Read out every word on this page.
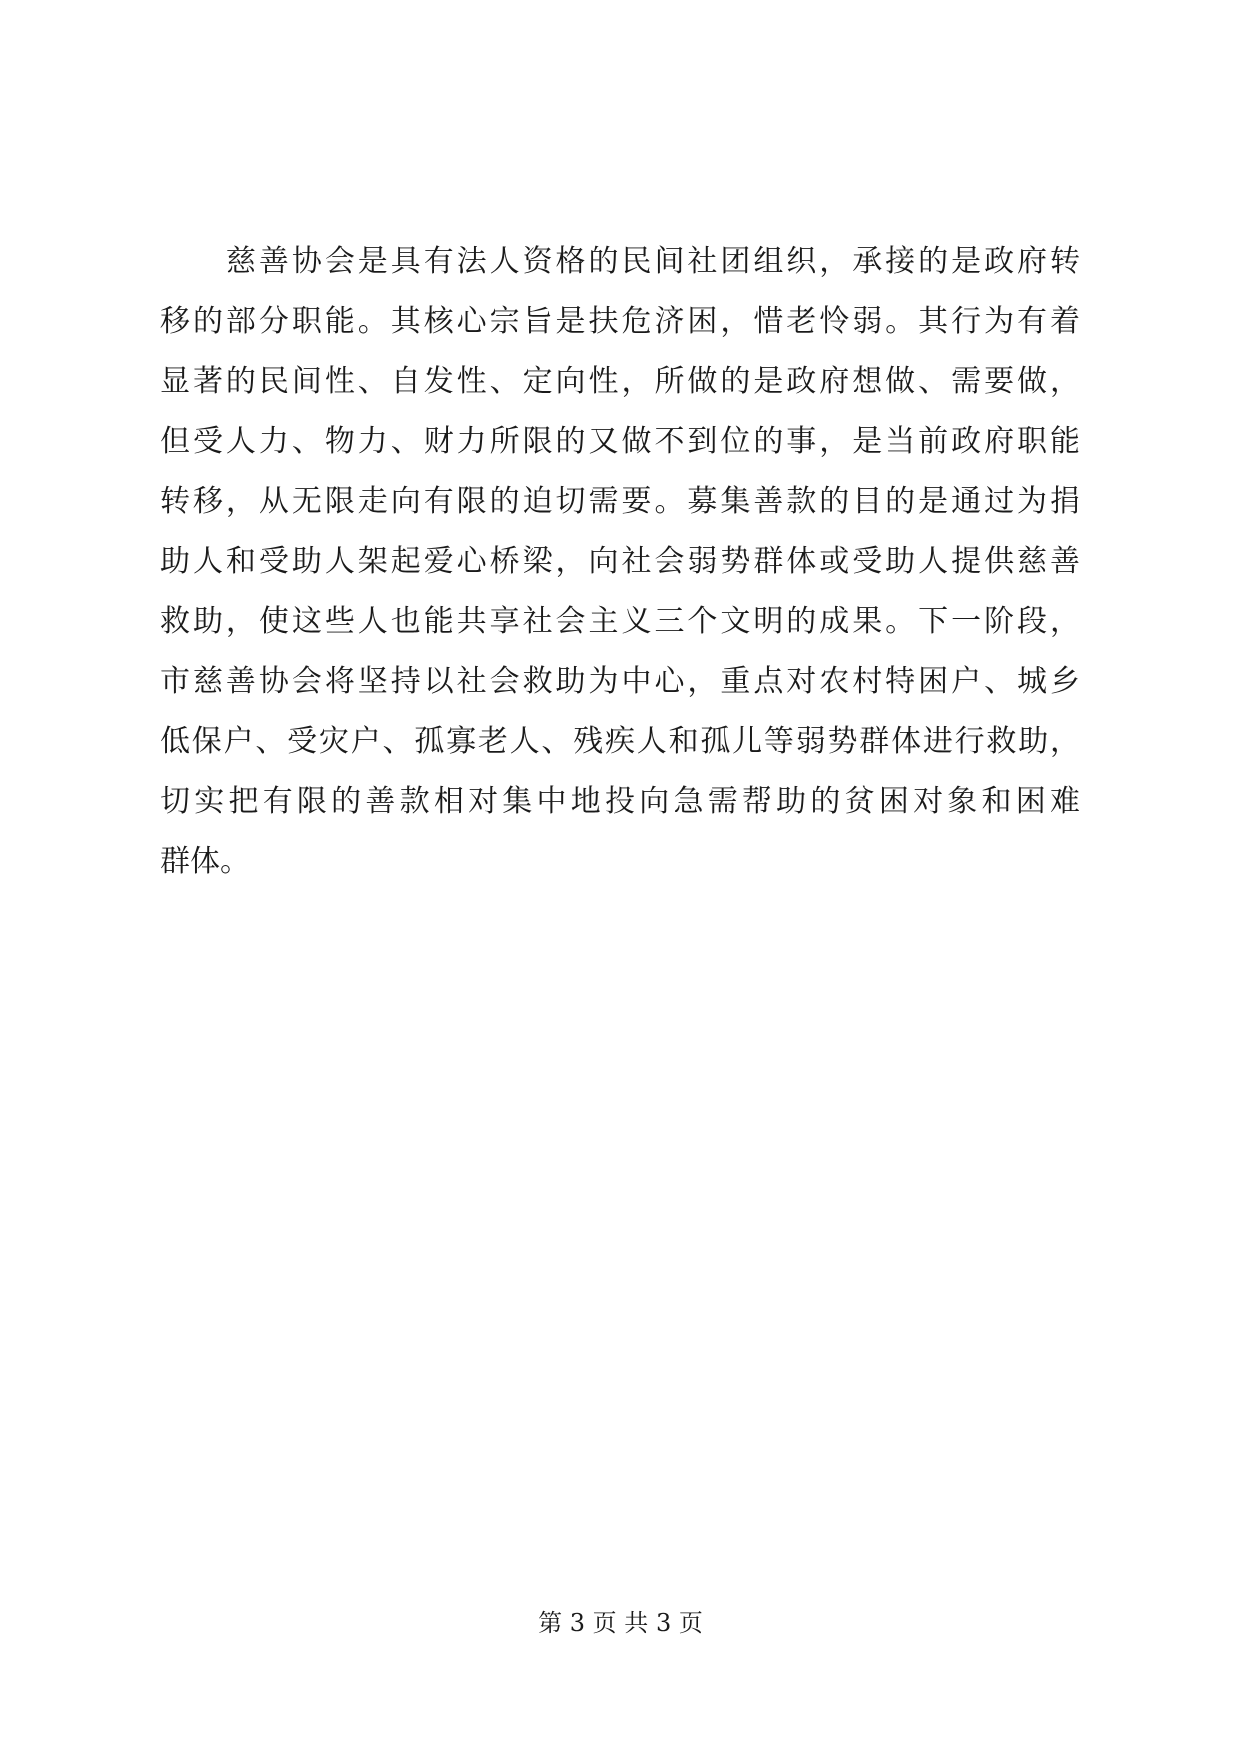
　　慈善协会是具有法人资格的民间社团组织，承接的是政府转
移的部分职能。其核心宗旨是扶危济困，惜老怜弱。其行为有着
显著的民间性、自发性、定向性，所做的是政府想做、需要做，
但受人力、物力、财力所限的又做不到位的事，是当前政府职能
转移，从无限走向有限的迫切需要。募集善款的目的是通过为捐
助人和受助人架起爱心桥梁，向社会弱势群体或受助人提供慈善
救助，使这些人也能共享社会主义三个文明的成果。下一阶段，
市慈善协会将坚持以社会救助为中心，重点对农村特困户、城乡
低保户、受灾户、孤寡老人、残疾人和孤儿等弱势群体进行救助，
切实把有限的善款相对集中地投向急需帮助的贫困对象和困难
群体。
第 3 页 共 3 页
